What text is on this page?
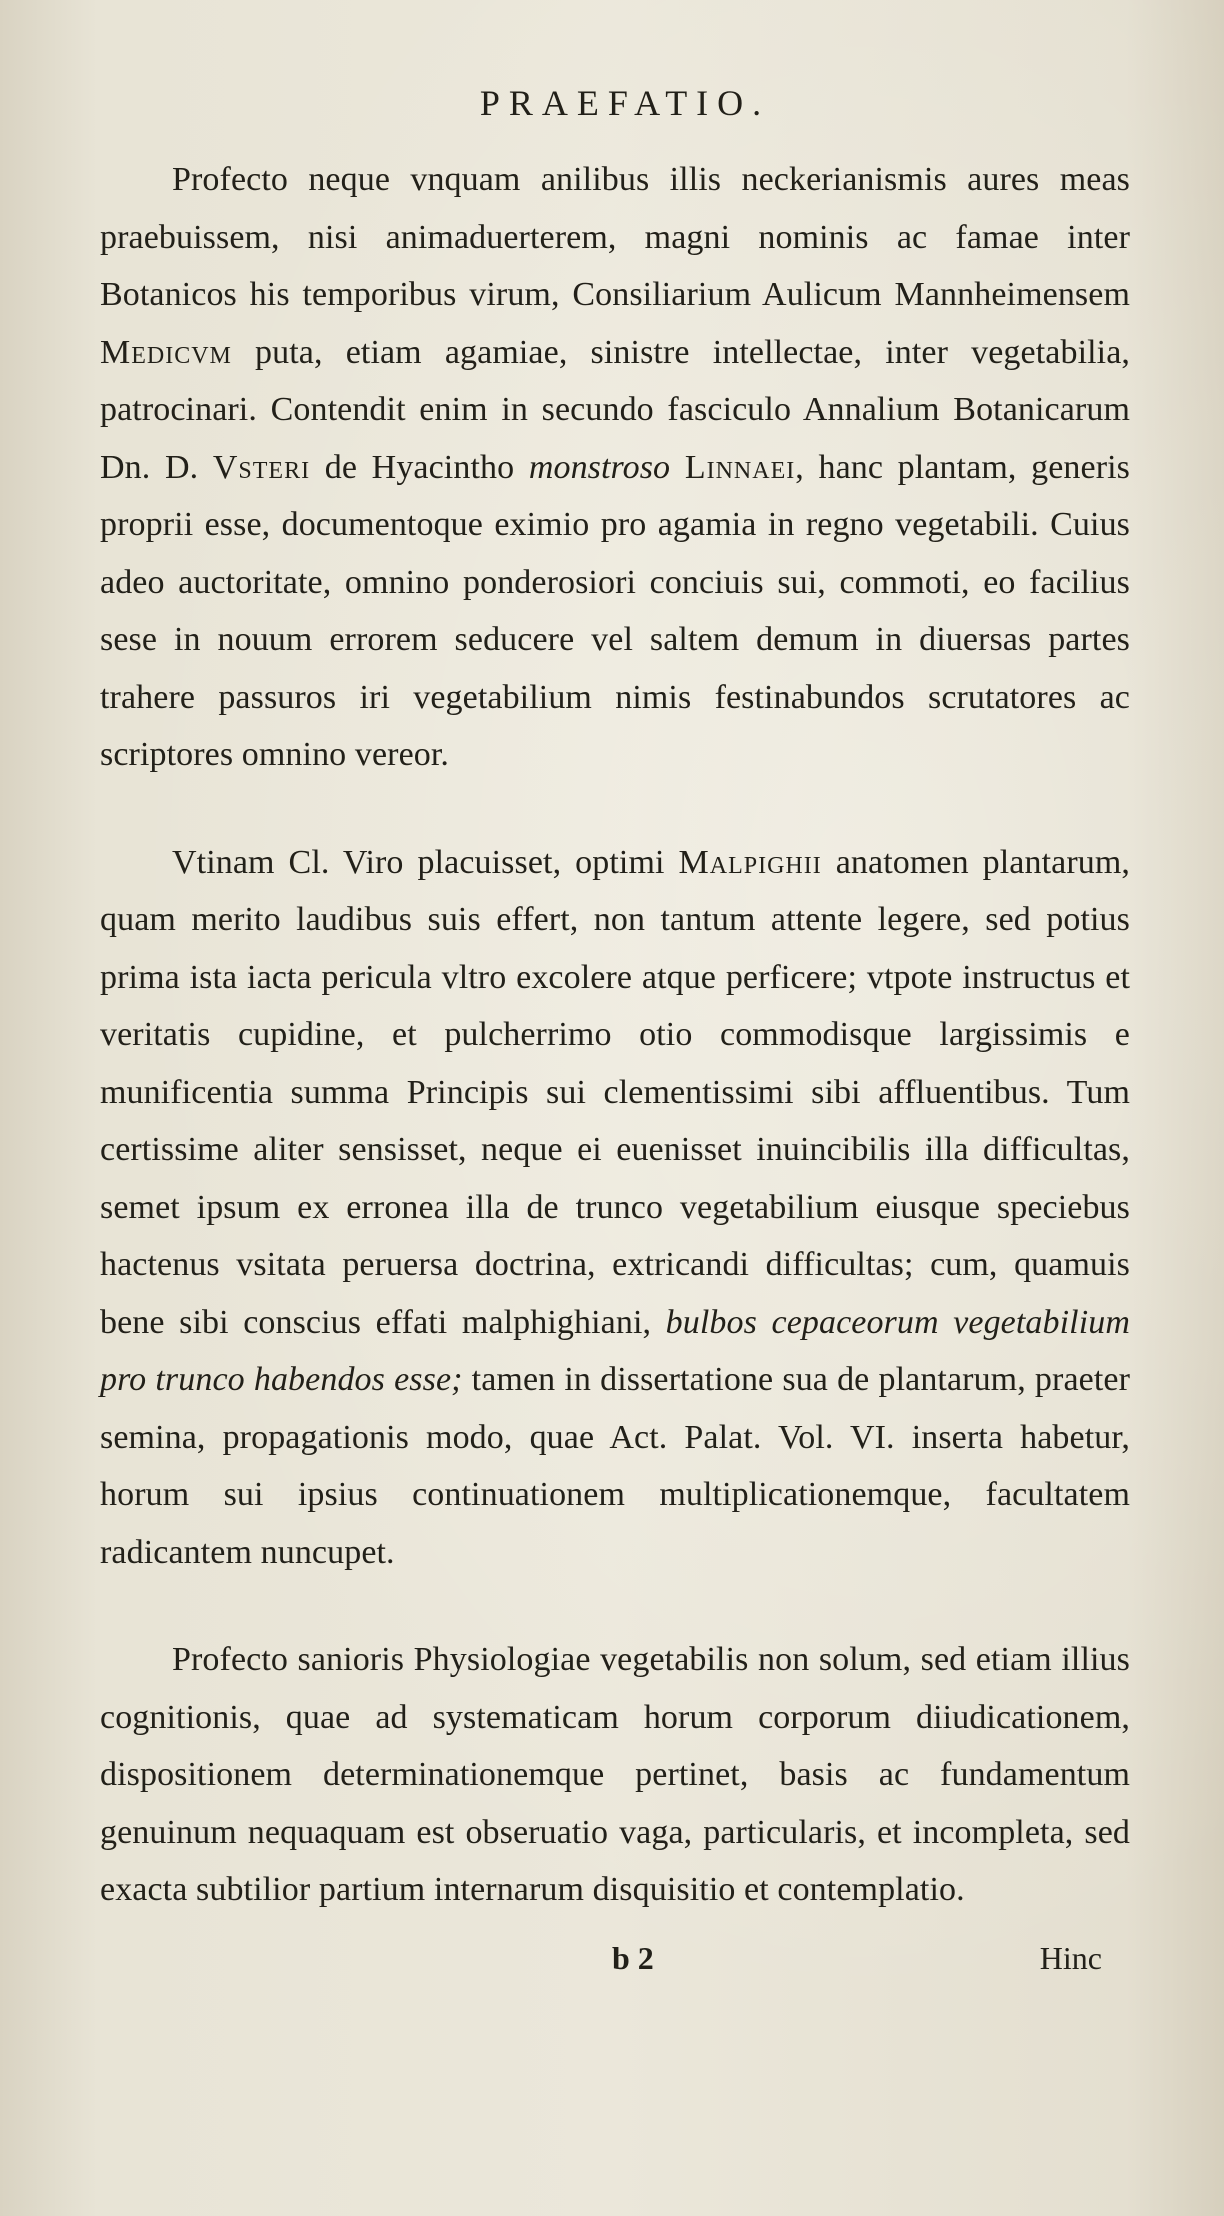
PRAEFATIO.

Profecto neque vnquam anilibus illis neckerianismis aures meas praebuissem, nisi animaduerterem, magni nominis ac famae inter Botanicos his temporibus virum, Consiliarium Aulicum Mannheimensem Medicvm puta, etiam agamiae, sinistre intellectae, inter vegetabilia, patrocinari. Contendit enim in secundo fasciculo Annalium Botanicarum Dn. D. Vsteri de Hyacintho monstroso Linnaei, hanc plantam, generis proprii esse, documentoque eximio pro agamia in regno vegetabili. Cuius adeo auctoritate, omnino ponderosiori conciuis sui, commoti, eo facilius sese in nouum errorem seducere vel saltem demum in diuersas partes trahere passuros iri vegetabilium nimis festinabundos scrutatores ac scriptores omnino vereor.

Vtinam Cl. Viro placuisset, optimi Malpighii anatomen plantarum, quam merito laudibus suis effert, non tantum attente legere, sed potius prima ista iacta pericula vltro excolere atque perficere; vtpote instructus et veritatis cupidine, et pulcherrimo otio commodisque largissimis e munificentia summa Principis sui clementissimi sibi affluentibus. Tum certissime aliter sensisset, neque ei euenisset inuincibilis illa difficultas, semet ipsum ex erronea illa de trunco vegetabilium eiusque speciebus hactenus vsitata peruersa doctrina, extricandi difficultas; cum, quamuis bene sibi conscius effati malphighiani, bulbos cepaceorum vegetabilium pro trunco habendos esse; tamen in dissertatione sua de plantarum, praeter semina, propagationis modo, quae Act. Palat. Vol. VI. inserta habetur, horum sui ipsius continuationem multiplicationemque, facultatem radicantem nuncupet.

Profecto sanioris Physiologiae vegetabilis non solum, sed etiam illius cognitionis, quae ad systematicam horum corporum diiudicationem, dispositionem determinationemque pertinet, basis ac fundamentum genuinum nequaquam est obseruatio vaga, particularis, et incompleta, sed exacta subtilior partium internarum disquisitio et contemplatio.

b 2	Hinc
